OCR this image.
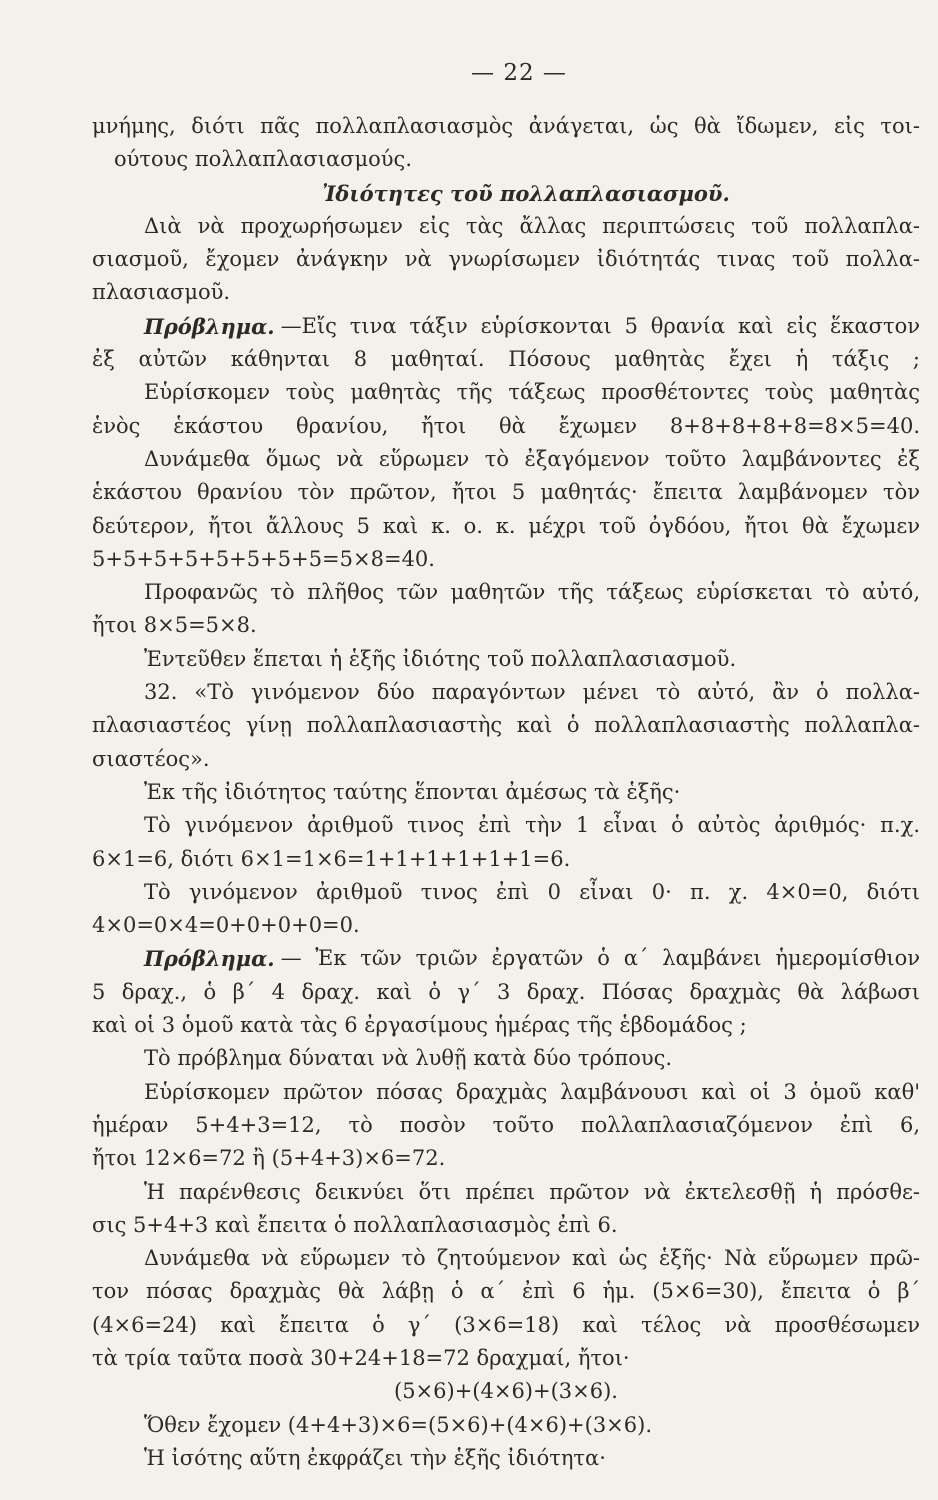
— 22 —
μνήμης, διότι πᾶς πολλαπλασιασμὸς ἀνάγεται, ὡς θὰ ἴδωμεν, εἰς τοι-
ούτους πολλαπλασιασμούς.
Ἰδιότητες τοῦ πολλαπλασιασμοῦ.
Διὰ νὰ προχωρήσωμεν εἰς τὰς ἄλλας περιπτώσεις τοῦ πολλαπλα-
σιασμοῦ, ἔχομεν ἀνάγκην νὰ γνωρίσωμεν ἰδιότητάς τινας τοῦ πολλα-
πλασιασμοῦ.
Πρόβλημα. —Εἴς τινα τάξιν εὑρίσκονται 5 θρανία καὶ εἰς ἕκαστον
ἐξ αὐτῶν κάθηνται 8 μαθηταί. Πόσους μαθητὰς ἔχει ἡ τάξις ;
Εὑρίσκομεν τοὺς μαθητὰς τῆς τάξεως προσθέτοντες τοὺς μαθητὰς
ἑνὸς ἑκάστου θρανίου, ἤτοι θὰ ἔχωμεν 8+8+8+8+8=8×5=40.
Δυνάμεθα ὅμως νὰ εὕρωμεν τὸ ἐξαγόμενον τοῦτο λαμβάνοντες ἐξ
ἑκάστου θρανίου τὸν πρῶτον, ἤτοι 5 μαθητάς· ἔπειτα λαμβάνομεν τὸν
δεύτερον, ἤτοι ἄλλους 5 καὶ κ. ο. κ. μέχρι τοῦ ὀγδόου, ἤτοι θὰ ἔχωμεν
5+5+5+5+5+5+5+5=5×8=40.
Προφανῶς τὸ πλῆθος τῶν μαθητῶν τῆς τάξεως εὑρίσκεται τὸ αὐτό,
ἤτοι 8×5=5×8.
Ἐντεῦθεν ἕπεται ἡ ἑξῆς ἰδιότης τοῦ πολλαπλασιασμοῦ.
32. «Τὸ γινόμενον δύο παραγόντων μένει τὸ αὐτό, ἂν ὁ πολλα-
πλασιαστέος γίνῃ πολλαπλασιαστὴς καὶ ὁ πολλαπλασιαστὴς πολλαπλα-
σιαστέος».
Ἐκ τῆς ἰδιότητος ταύτης ἕπονται ἀμέσως τὰ ἑξῆς·
Τὸ γινόμενον ἀριθμοῦ τινος ἐπὶ τὴν 1 εἶναι ὁ αὐτὸς ἀριθμός· π.χ.
6×1=6, διότι 6×1=1×6=1+1+1+1+1+1=6.
Τὸ γινόμενον ἀριθμοῦ τινος ἐπὶ 0 εἶναι 0· π. χ. 4×0=0, διότι
4×0=0×4=0+0+0+0=0.
Πρόβλημα. — Ἐκ τῶν τριῶν ἐργατῶν ὁ α΄ λαμβάνει ἡμερομίσθιον
5 δραχ., ὁ β΄ 4 δραχ. καὶ ὁ γ΄ 3 δραχ. Πόσας δραχμὰς θὰ λάβωσι
καὶ οἱ 3 ὁμοῦ κατὰ τὰς 6 ἐργασίμους ἡμέρας τῆς ἑβδομάδος ;
Τὸ πρόβλημα δύναται νὰ λυθῇ κατὰ δύο τρόπους.
Εὑρίσκομεν πρῶτον πόσας δραχμὰς λαμβάνουσι καὶ οἱ 3 ὁμοῦ καθ'
ἡμέραν 5+4+3=12, τὸ ποσὸν τοῦτο πολλαπλασιαζόμενον ἐπὶ 6,
ἤτοι 12×6=72 ἢ (5+4+3)×6=72.
Ἡ παρένθεσις δεικνύει ὅτι πρέπει πρῶτον νὰ ἐκτελεσθῇ ἡ πρόσθε-
σις 5+4+3 καὶ ἔπειτα ὁ πολλαπλασιασμὸς ἐπὶ 6.
Δυνάμεθα νὰ εὕρωμεν τὸ ζητούμενον καὶ ὡς ἑξῆς· Νὰ εὕρωμεν πρῶ-
τον πόσας δραχμὰς θὰ λάβῃ ὁ α΄ ἐπὶ 6 ἡμ. (5×6=30), ἔπειτα ὁ β΄
(4×6=24) καὶ ἔπειτα ὁ γ΄ (3×6=18) καὶ τέλος νὰ προσθέσωμεν
τὰ τρία ταῦτα ποσὰ 30+24+18=72 δραχμαί, ἤτοι·
(5×6)+(4×6)+(3×6).
Ὅθεν ἔχομεν (4+4+3)×6=(5×6)+(4×6)+(3×6).
Ἡ ἰσότης αὕτη ἐκφράζει τὴν ἑξῆς ἰδιότητα·
